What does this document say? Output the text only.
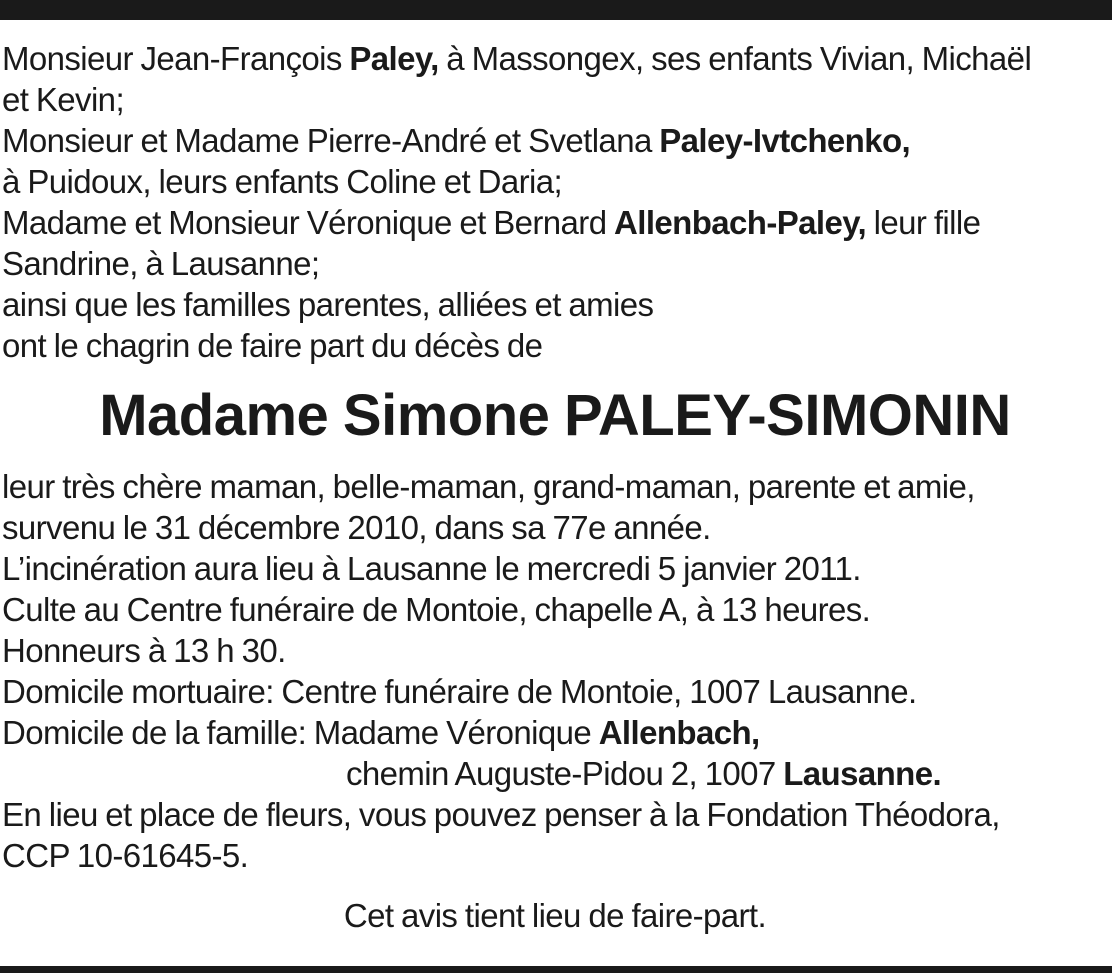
Monsieur Jean-François Paley, à Massongex, ses enfants Vivian, Michaël
et Kevin;
Monsieur et Madame Pierre-André et Svetlana Paley-Ivtchenko,
à Puidoux, leurs enfants Coline et Daria;
Madame et Monsieur Véronique et Bernard Allenbach-Paley, leur fille
Sandrine, à Lausanne;
ainsi que les familles parentes, alliées et amies
ont le chagrin de faire part du décès de
Madame Simone PALEY-SIMONIN
leur très chère maman, belle-maman, grand-maman, parente et amie,
survenu le 31 décembre 2010, dans sa 77e année.
L’incinération aura lieu à Lausanne le mercredi 5 janvier 2011.
Culte au Centre funéraire de Montoie, chapelle A, à 13 heures.
Honneurs à 13 h 30.
Domicile mortuaire: Centre funéraire de Montoie, 1007 Lausanne.
Domicile de la famille: Madame Véronique Allenbach,
chemin Auguste-Pidou 2, 1007 Lausanne.
En lieu et place de fleurs, vous pouvez penser à la Fondation Théodora,
CCP 10-61645-5.
Cet avis tient lieu de faire-part.
